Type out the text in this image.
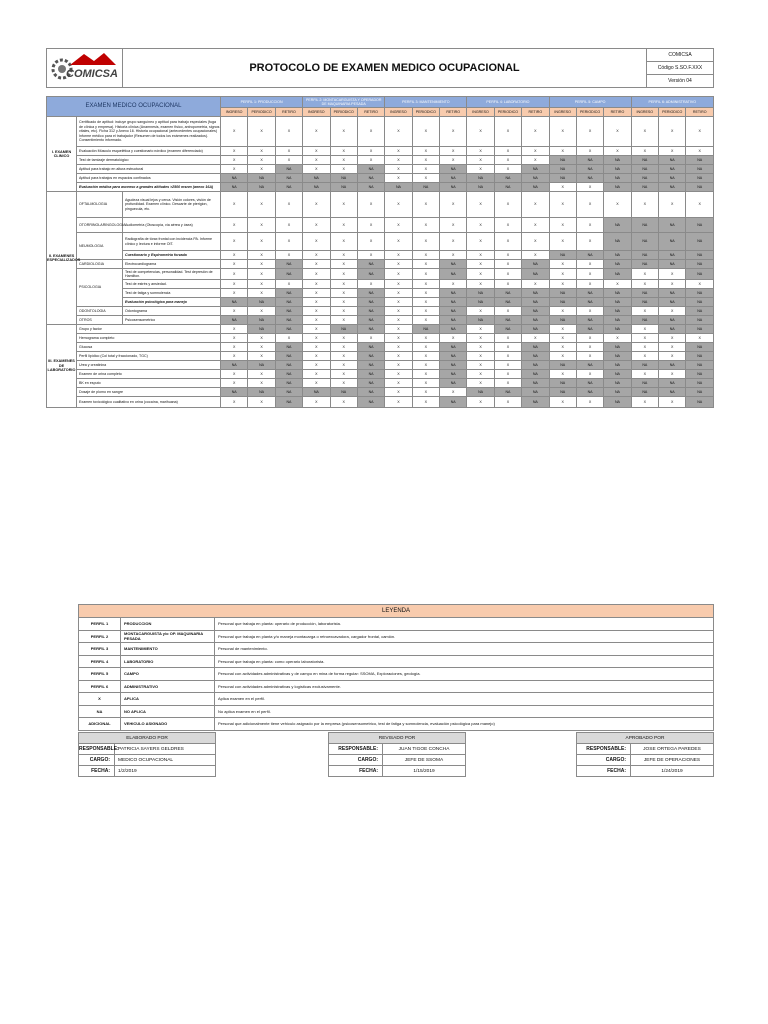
COMICSA	PROTOCOLO DE EXAMEN MEDICO OCUPACIONAL	COMICSA
Código S.SO.F.XXX
Versión 04
EXAMEN MEDICO OCUPACIONAL			PERFIL 1: PRODUCCION			PERFIL 2: MONTACARGUISTA Y OPERADOR DE MAQUINARIA PESADA			PERFIL 3: MANTENIMIENTO			PERFIL 4: LABORATORIO			PERFIL 5: CAMPO			PERFIL 6: ADMINISTRATIVO		
			INGRESO	PERIODICO	RETIRO	INGRESO	PERIODICO	RETIRO	INGRESO	PERIODICO	RETIRO	INGRESO	PERIODICO	RETIRO	INGRESO	PERIODICO	RETIRO	INGRESO	PERIODICO	RETIRO
I. EXAMEN CLINICO	Certificado de aptitud: incluye grupo sanguíneo y aptitud para trabajo especiales (fuga de clínica y empresa). Historia clínica (Anamnesis, examen físico, antropometría, signos vitales, etc). Ficha 312 y Anexo 16. Historia ocupacional (antecedentes ocupacionales) Informe médico para el trabajador (Resumen de todos los exámenes realizados). Consentimiento informado.		X	X	X	X	X	X	X	X	X	X	X	X	X	X	X	X	X	X
	Evaluación Músculo esquelética y cuestionario nórdico (examen diferenciado)		X	X	X	X	X	X	X	X	X	X	X	X	X	X	X	X	X	X
	Test de tamizaje dermatológico		X	X	X	X	X	X	X	X	X	X	X	X	NA	NA	NA	NA	NA	NA
	Aptitud para trabajo en altura estructural		X	X	NA	X	X	NA	X	X	NA	X	X	NA	NA	NA	NA	NA	NA	NA
	Aptitud para trabajos en espacios confinados		NA	NA	NA	NA	NA	NA	X	X	NA	NA	NA	NA	NA	NA	NA	NA	NA	NA
	Evaluación médica para ascenso a grandes altitudes >2500 msnm (anexo 16A)		NA	NA	NA	NA	NA	NA	NA	NA	NA	NA	NA	NA	X	X	NA	NA	NA	NA
II. EXAMENES ESPECIALIZADOS	OFTALMOLOGIA	Agudeza visual lejos y cerca. Visión colores, visión de profundidad. Examen clínico. Descarte de pterigion, pinguecula, etc.	X	X	X	X	X	X	X	X	X	X	X	X	X	X	X	X	X	X
	OTORRINOLARINGOLOGIA	Audiometría (Otoscopía, vía aérea y ósea)	X	X	X	X	X	X	X	X	X	X	X	X	X	X	NA	NA	NA	NA
	NEUMOLOGIA	Radiografía de tórax frontal con incidencia PA. Informe clínico y lectura e informe OIT.	X	X	X	X	X	X	X	X	X	X	X	X	X	X	NA	NA	NA	NA
		Cuestionario y Espirometría forzada	X	X	X	X	X	X	X	X	X	X	X	X	NA	NA	NA	NA	NA	NA
	CARDIOLOGIA	Electrocardiograma	X	X	NA	X	X	NA	X	X	NA	X	X	NA	X	X	NA	NA	NA	NA
	PSICOLOGIA	Test de competencias, personalidad. Test depresión de Hamilton.	X	X	NA	X	X	NA	X	X	NA	X	X	NA	X	X	NA	X	X	NA
		Test de estrés y ansiedad.	X	X	X	X	X	X	X	X	X	X	X	X	X	X	X	X	X	X
		Test de fatiga y somnolencia	X	X	NA	X	X	NA	X	X	NA	NA	NA	NA	NA	NA	NA	NA	NA	NA
		Evaluación psicológica para manejo	NA	NA	NA	X	X	NA	X	X	NA	NA	NA	NA	NA	NA	NA	NA	NA	NA
	ODONTOLOGIA	Odontograma	X	X	NA	X	X	NA	X	X	NA	X	X	NA	X	X	NA	X	X	NA
	OTROS	Psicosensometrico	NA	NA	NA	X	X	NA	X	X	NA	NA	NA	NA	NA	NA	NA	NA	NA	NA
III. EXAMENES DE LABORATORIO	Grupo y factor		X	NA	NA	X	NA	NA	X	NA	NA	X	NA	NA	X	NA	NA	X	NA	NA
	Hemograma completo		X	X	X	X	X	X	X	X	X	X	X	X	X	X	X	X	X	X
	Glucosa		X	X	NA	X	X	NA	X	X	NA	X	X	NA	X	X	NA	X	X	NA
	Perfil lipídico (Col total y fraccionado, TGC)		X	X	NA	X	X	NA	X	X	NA	X	X	NA	X	X	NA	X	X	NA
	Urea y creatinina		NA	NA	NA	X	X	NA	X	X	NA	X	X	NA	NA	NA	NA	NA	NA	NA
	Examen de orina completo		X	X	NA	X	X	NA	X	X	NA	X	X	NA	X	X	NA	X	X	NA
	BK en esputo		X	X	NA	X	X	NA	X	X	NA	X	X	NA	NA	NA	NA	NA	NA	NA
	Dosaje de plomo en sangre		NA	NA	NA	NA	NA	NA	X	X	X	NA	NA	NA	NA	NA	NA	NA	NA	NA
	Examen toxicológico cualitativo en orina (cocaína, marihuana)		X	X	NA	X	X	NA	X	X	NA	X	X	NA	X	X	NA	X	X	NA
LEYENDA		
PERFIL 1	PRODUCCION	Personal que trabaja en planta: operario de producción, laboratorista.
PERFIL 2	MONTACARGUISTA y/o OP. MAQUINARIA PESADA	Personal que trabaja en planta y/o maneja montacarga o retroexcavadora, cargador frontal, camión.
PERFIL 3	MANTENIMIENTO	Personal de mantenimiento.
PERFIL 4	LABORATORIO	Personal que trabaja en planta: como operario laboratorista.
PERFIL 5	CAMPO	Personal con actividades administrativas y de campo en mina de forma regular: SSOMA, Exploraciones, geología.
PERFIL 6	ADMINISTRATIVO	Personal con actividades administrativas y logísticas exclusivamente.
X	APLICA	Aplica examen en el perfil.
NA	NO APLICA	No aplica examen en el perfil.
ADICIONAL	VEHICULO ASIGNADO	Personal que adicionalmente tiene vehículo asignado por la empresa (psicosensometrico, test de fatiga y somnolencia, evaluación psicológica para manejo)
ELABORADO POR	
RESPONSABLE:	PATRICIA SAYERS GELDRES
CARGO:	MEDICO OCUPACIONAL
FECHA:	1/2/2019
REVISADO POR	
RESPONSABLE:	JUAN TIGOE CONCHA
CARGO:	JEFE DE SSOMA
FECHA:	1/15/2019
APROBADO POR	
RESPONSABLE:	JOSE ORTEGA PAREDES
CARGO:	JEFE DE OPERACIONES
FECHA:	1/24/2019
